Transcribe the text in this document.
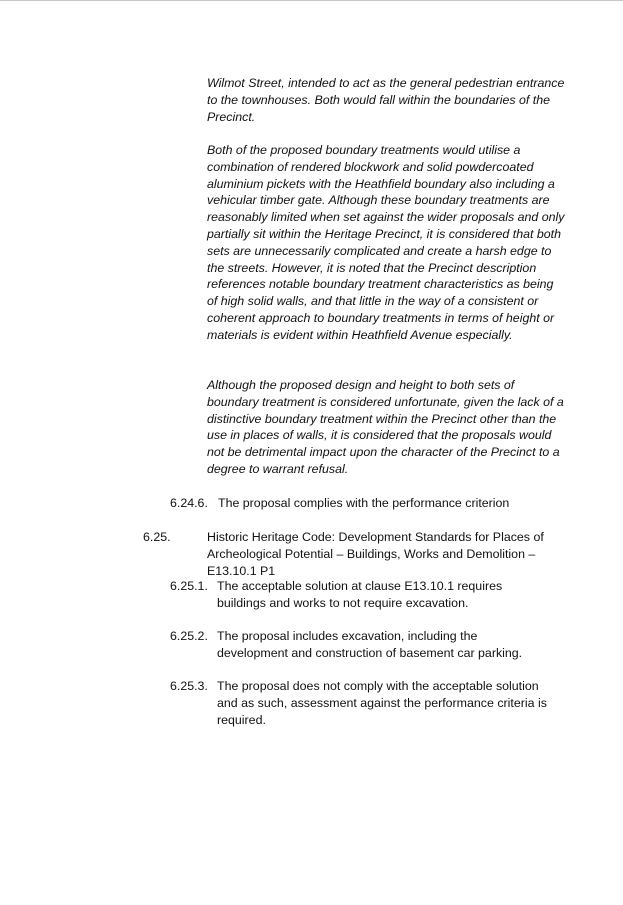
Wilmot Street, intended to act as the general pedestrian entrance to the townhouses. Both would fall within the boundaries of the Precinct.

Both of the proposed boundary treatments would utilise a combination of rendered blockwork and solid powdercoated aluminium pickets with the Heathfield boundary also including a vehicular timber gate. Although these boundary treatments are reasonably limited when set against the wider proposals and only partially sit within the Heritage Precinct, it is considered that both sets are unnecessarily complicated and create a harsh edge to the streets. However, it is noted that the Precinct description references notable boundary treatment characteristics as being of high solid walls, and that little in the way of a consistent or coherent approach to boundary treatments in terms of height or materials is evident within Heathfield Avenue especially.

Although the proposed design and height to both sets of boundary treatment is considered unfortunate, given the lack of a distinctive boundary treatment within the Precinct other than the use in places of walls, it is considered that the proposals would not be detrimental impact upon the character of the Precinct to a degree to warrant refusal.

6.24.6. The proposal complies with the performance criterion
6.25.	Historic Heritage Code: Development Standards for Places of Archeological Potential – Buildings, Works and Demolition – E13.10.1 P1
6.25.1. The acceptable solution at clause E13.10.1 requires buildings and works to not require excavation.
6.25.2. The proposal includes excavation, including the development and construction of basement car parking.
6.25.3. The proposal does not comply with the acceptable solution and as such, assessment against the performance criteria is required.
